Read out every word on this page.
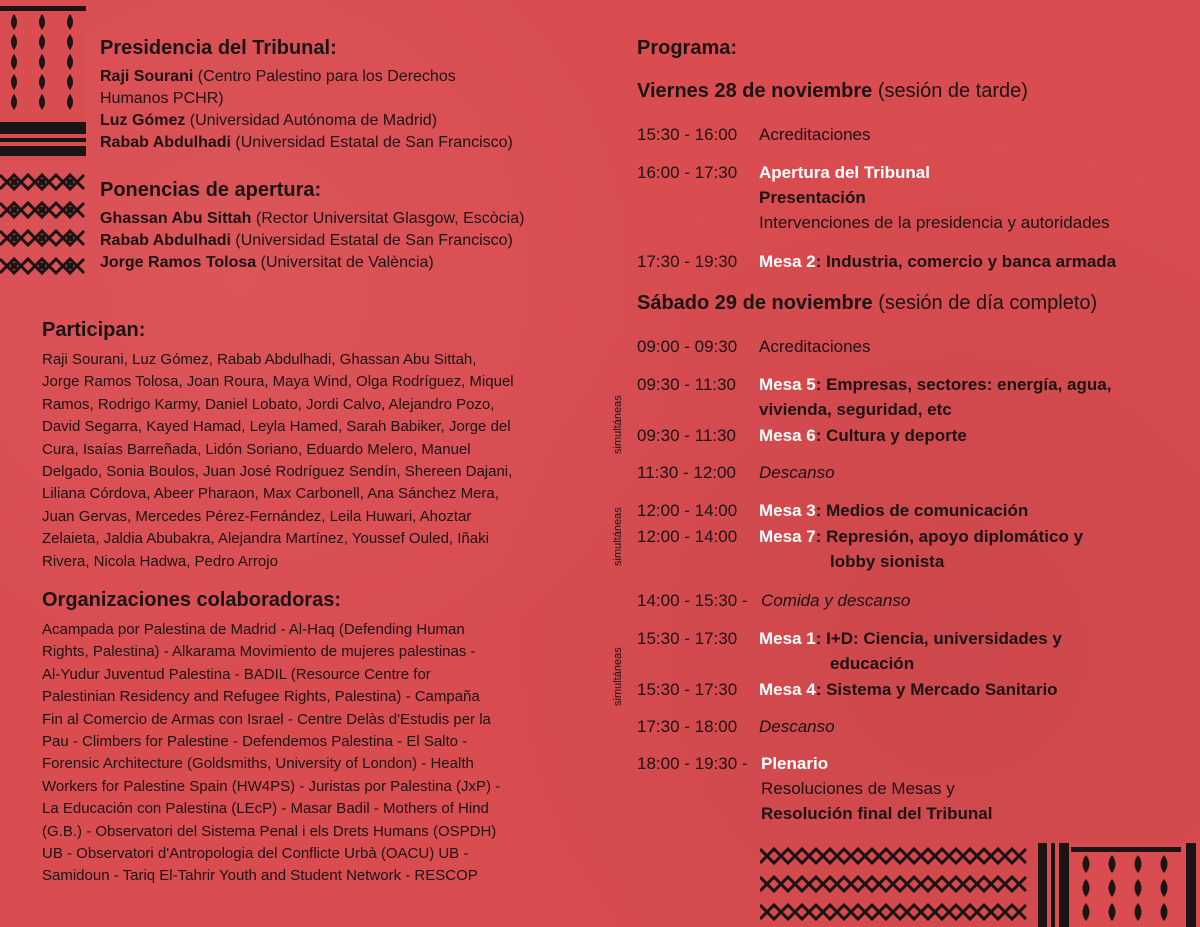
Presidencia del Tribunal:

Raji Sourani (Centro Palestino para los Derechos

Humanos PCHR)

Luz Gómez (Universidad Autónoma de Madrid)

Rabab Abdulhadi (Universidad Estatal de San Francisco)

Ponencias de apertura:

Ghassan Abu Sittah (Rector Universitat Glasgow, Escòcia)

Rabab Abdulhadi (Universidad Estatal de San Francisco)

Jorge Ramos Tolosa (Universitat de València)

Participan:

Raji Sourani, Luz Gómez, Rabab Abdulhadi, Ghassan Abu Sittah,

Jorge Ramos Tolosa, Joan Roura, Maya Wind, Olga Rodríguez, Miquel

Ramos, Rodrigo Karmy, Daniel Lobato, Jordi Calvo, Alejandro Pozo,

David Segarra, Kayed Hamad, Leyla Hamed, Sarah Babiker, Jorge del

Cura, Isaías Barreñada, Lidón Soriano, Eduardo Melero, Manuel

Delgado, Sonia Boulos, Juan José Rodríguez Sendín, Shereen Dajani,

Liliana Córdova, Abeer Pharaon, Max Carbonell, Ana Sánchez Mera,

Juan Gervas, Mercedes Pérez-Fernández, Leila Huwari, Ahoztar

Zelaieta, Jaldia Abubakra, Alejandra Martínez, Youssef Ouled, Iñaki

Rivera, Nicola Hadwa, Pedro Arrojo

Organizaciones colaboradoras:

Acampada por Palestina de Madrid - Al-Haq (Defending Human

Rights, Palestina) - Alkarama Movimiento de mujeres palestinas -

Al-Yudur Juventud Palestina - BADIL (Resource Centre for

Palestinian Residency and Refugee Rights, Palestina) - Campaña

Fin al Comercio de Armas con Israel - Centre Delàs d'Estudis per la

Pau - Climbers for Palestine - Defendemos Palestina - El Salto -

Forensic Architecture (Goldsmiths, University of London) - Health

Workers for Palestine Spain (HW4PS) - Juristas por Palestina (JxP) -

La Educación con Palestina (LEcP) - Masar Badil - Mothers of Hind

(G.B.) - Observatori del Sistema Penal i els Drets Humans (OSPDH)

UB - Observatori d'Antropologia del Conflicte Urbà (OACU) UB -

Samidoun - Tariq El-Tahrir Youth and Student Network - RESCOP

Programa:

Viernes 28 de noviembre (sesión de tarde)
15:30 - 16:00 Acreditaciones
16:00 - 17:30 Apertura del Tribunal
Presentación
Intervenciones de la presidencia y autoridades
17:30 - 19:30 Mesa 2: Industria, comercio y banca armada
Sábado 29 de noviembre (sesión de día completo)
09:00 - 09:30 Acreditaciones
simultáneas
09:30 - 11:30 Mesa 5: Empresas, sectores: energía, agua,
vivienda, seguridad, etc
09:30 - 11:30 Mesa 6: Cultura y deporte
11:30 - 12:00 Descanso
simultáneas 12:00 - 14:00 Mesa 3: Medios de comunicación
12:00 - 14:00 Mesa 7: Represión, apoyo diplomático y
lobby sionista
14:00 - 15:30 - Comida y descanso
simultáneas
15:30 - 17:30 Mesa 1: I+D: Ciencia, universidades y
educación
15:30 - 17:30 Mesa 4: Sistema y Mercado Sanitario
17:30 - 18:00 Descanso
18:00 - 19:30 - Plenario
Resoluciones de Mesas y
Resolución final del Tribunal
